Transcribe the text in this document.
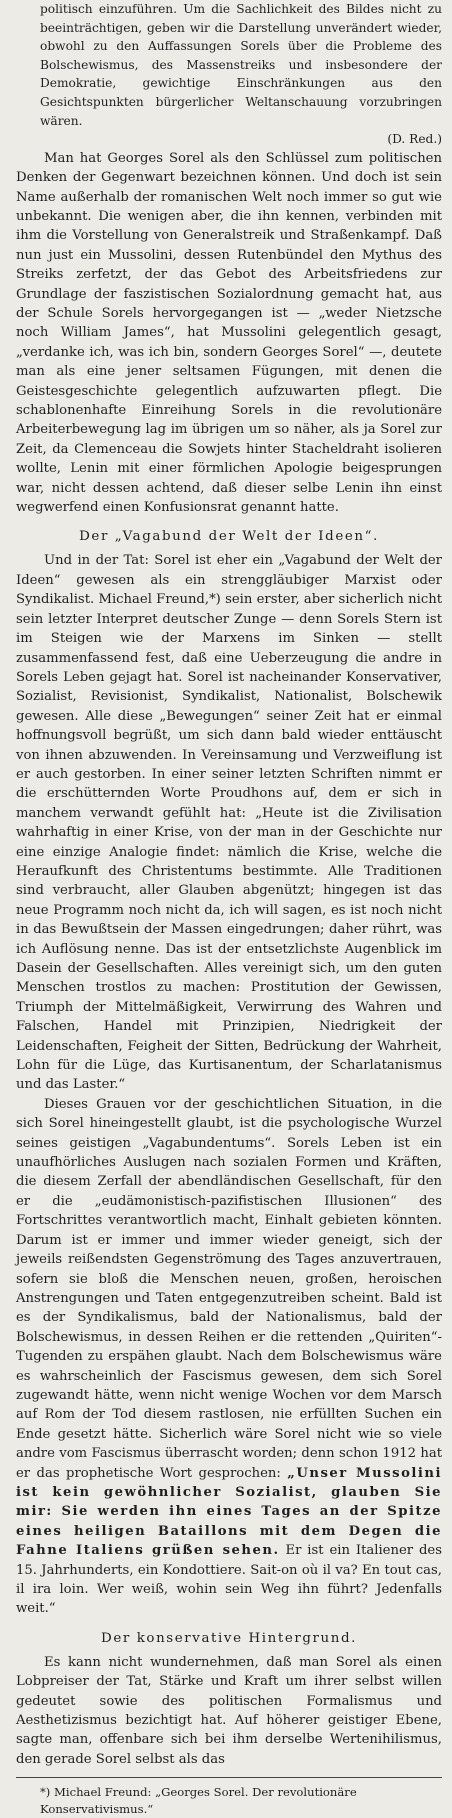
politisch einzuführen. Um die Sachlichkeit des Bildes nicht zu beeinträchtigen, geben wir die Darstellung unverändert wieder, obwohl zu den Auffassungen Sorels über die Probleme des Bolschewismus, des Massenstreiks und insbesondere der Demokratie, gewichtige Einschränkungen aus den Gesichtspunkten bürgerlicher Weltanschauung vorzubringen wären.

(D. Red.)

Man hat Georges Sorel als den Schlüssel zum politischen Denken der Gegenwart bezeichnen können. Und doch ist sein Name außerhalb der romanischen Welt noch immer so gut wie unbekannt. Die wenigen aber, die ihn kennen, verbinden mit ihm die Vorstellung von Generalstreik und Straßenkampf. Daß nun just ein Mussolini, dessen Rutenbündel den Mythus des Streiks zerfetzt, der das Gebot des Arbeitsfriedens zur Grundlage der faszistischen Sozialordnung gemacht hat, aus der Schule Sorels hervorgegangen ist — „weder Nietzsche noch William James“, hat Mussolini gelegentlich gesagt, „verdanke ich, was ich bin, sondern Georges Sorel“ —, deutete man als eine jener seltsamen Fügungen, mit denen die Geistesgeschichte gelegentlich aufzuwarten pflegt. Die schablonenhafte Einreihung Sorels in die revolutionäre Arbeiterbewegung lag im übrigen um so näher, als ja Sorel zur Zeit, da Clemenceau die Sowjets hinter Stacheldraht isolieren wollte, Lenin mit einer förmlichen Apologie beigesprungen war, nicht dessen achtend, daß dieser selbe Lenin ihn einst wegwerfend einen Konfusionsrat genannt hatte.

Der „Vagabund der Welt der Ideen“.

Und in der Tat: Sorel ist eher ein „Vagabund der Welt der Ideen“ gewesen als ein strenggläubiger Marxist oder Syndikalist. Michael Freund,*) sein erster, aber sicherlich nicht sein letzter Interpret deutscher Zunge — denn Sorels Stern ist im Steigen wie der Marxens im Sinken — stellt zusammenfassend fest, daß eine Ueberzeugung die andre in Sorels Leben gejagt hat. Sorel ist nacheinander Konservativer, Sozialist, Revisionist, Syndikalist, Nationalist, Bolschewik gewesen. Alle diese „Bewegungen“ seiner Zeit hat er einmal hoffnungsvoll begrüßt, um sich dann bald wieder enttäuscht von ihnen abzuwenden. In Vereinsamung und Verzweiflung ist er auch gestorben. In einer seiner letzten Schriften nimmt er die erschütternden Worte Proudhons auf, dem er sich in manchem verwandt gefühlt hat: „Heute ist die Zivilisation wahrhaftig in einer Krise, von der man in der Geschichte nur eine einzige Analogie findet: nämlich die Krise, welche die Heraufkunft des Christentums bestimmte. Alle Traditionen sind verbraucht, aller Glauben abgenützt; hingegen ist das neue Programm noch nicht da, ich will sagen, es ist noch nicht in das Bewußtsein der Massen eingedrungen; daher rührt, was ich Auflösung nenne. Das ist der entsetzlichste Augenblick im Dasein der Gesellschaften. Alles vereinigt sich, um den guten Menschen trostlos zu machen: Prostitution der Gewissen, Triumph der Mittelmäßigkeit, Verwirrung des Wahren und Falschen, Handel mit Prinzipien, Niedrigkeit der Leidenschaften, Feigheit der Sitten, Bedrückung der Wahrheit, Lohn für die Lüge, das Kurtisanentum, der Scharlatanismus und das Laster.“

Dieses Grauen vor der geschichtlichen Situation, in die sich Sorel hineingestellt glaubt, ist die psychologische Wurzel seines geistigen „Vagabundentums“. Sorels Leben ist ein unaufhörliches Auslugen nach sozialen Formen und Kräften, die diesem Zerfall der abendländischen Gesellschaft, für den er die „eudämonistisch-pazifistischen Illusionen“ des Fortschrittes verantwortlich macht, Einhalt gebieten könnten. Darum ist er immer und immer wieder geneigt, sich der jeweils reißendsten Gegenströmung des Tages anzuvertrauen, sofern sie bloß die Menschen neuen, großen, heroischen Anstrengungen und Taten entgegenzutreiben scheint. Bald ist es der Syndikalismus, bald der Nationalismus, bald der Bolschewismus, in dessen Reihen er die rettenden „Quiriten“-Tugenden zu erspähen glaubt. Nach dem Bolschewismus wäre es wahrscheinlich der Fascismus gewesen, dem sich Sorel zugewandt hätte, wenn nicht wenige Wochen vor dem Marsch auf Rom der Tod diesem rastlosen, nie erfüllten Suchen ein Ende gesetzt hätte. Sicherlich wäre Sorel nicht wie so viele andre vom Fascismus überrascht worden; denn schon 1912 hat er das prophetische Wort gesprochen: „Unser Mussolini ist kein gewöhnlicher Sozialist, glauben Sie mir: Sie werden ihn eines Tages an der Spitze eines heiligen Bataillons mit dem Degen die Fahne Italiens grüßen sehen. Er ist ein Italiener des 15. Jahrhunderts, ein Kondottiere. Sait-on où il va? En tout cas, il ira loin. Wer weiß, wohin sein Weg ihn führt? Jedenfalls weit.“

Der konservative Hintergrund.

Es kann nicht wundernehmen, daß man Sorel als einen Lobpreiser der Tat, Stärke und Kraft um ihrer selbst willen gedeutet sowie des politischen Formalismus und Aesthetizismus bezichtigt hat. Auf höherer geistiger Ebene, sagte man, offenbare sich bei ihm derselbe Wertenihilismus, den gerade Sorel selbst als das

*) Michael Freund: „Georges Sorel. Der revolutionäre Konservativismus.“
